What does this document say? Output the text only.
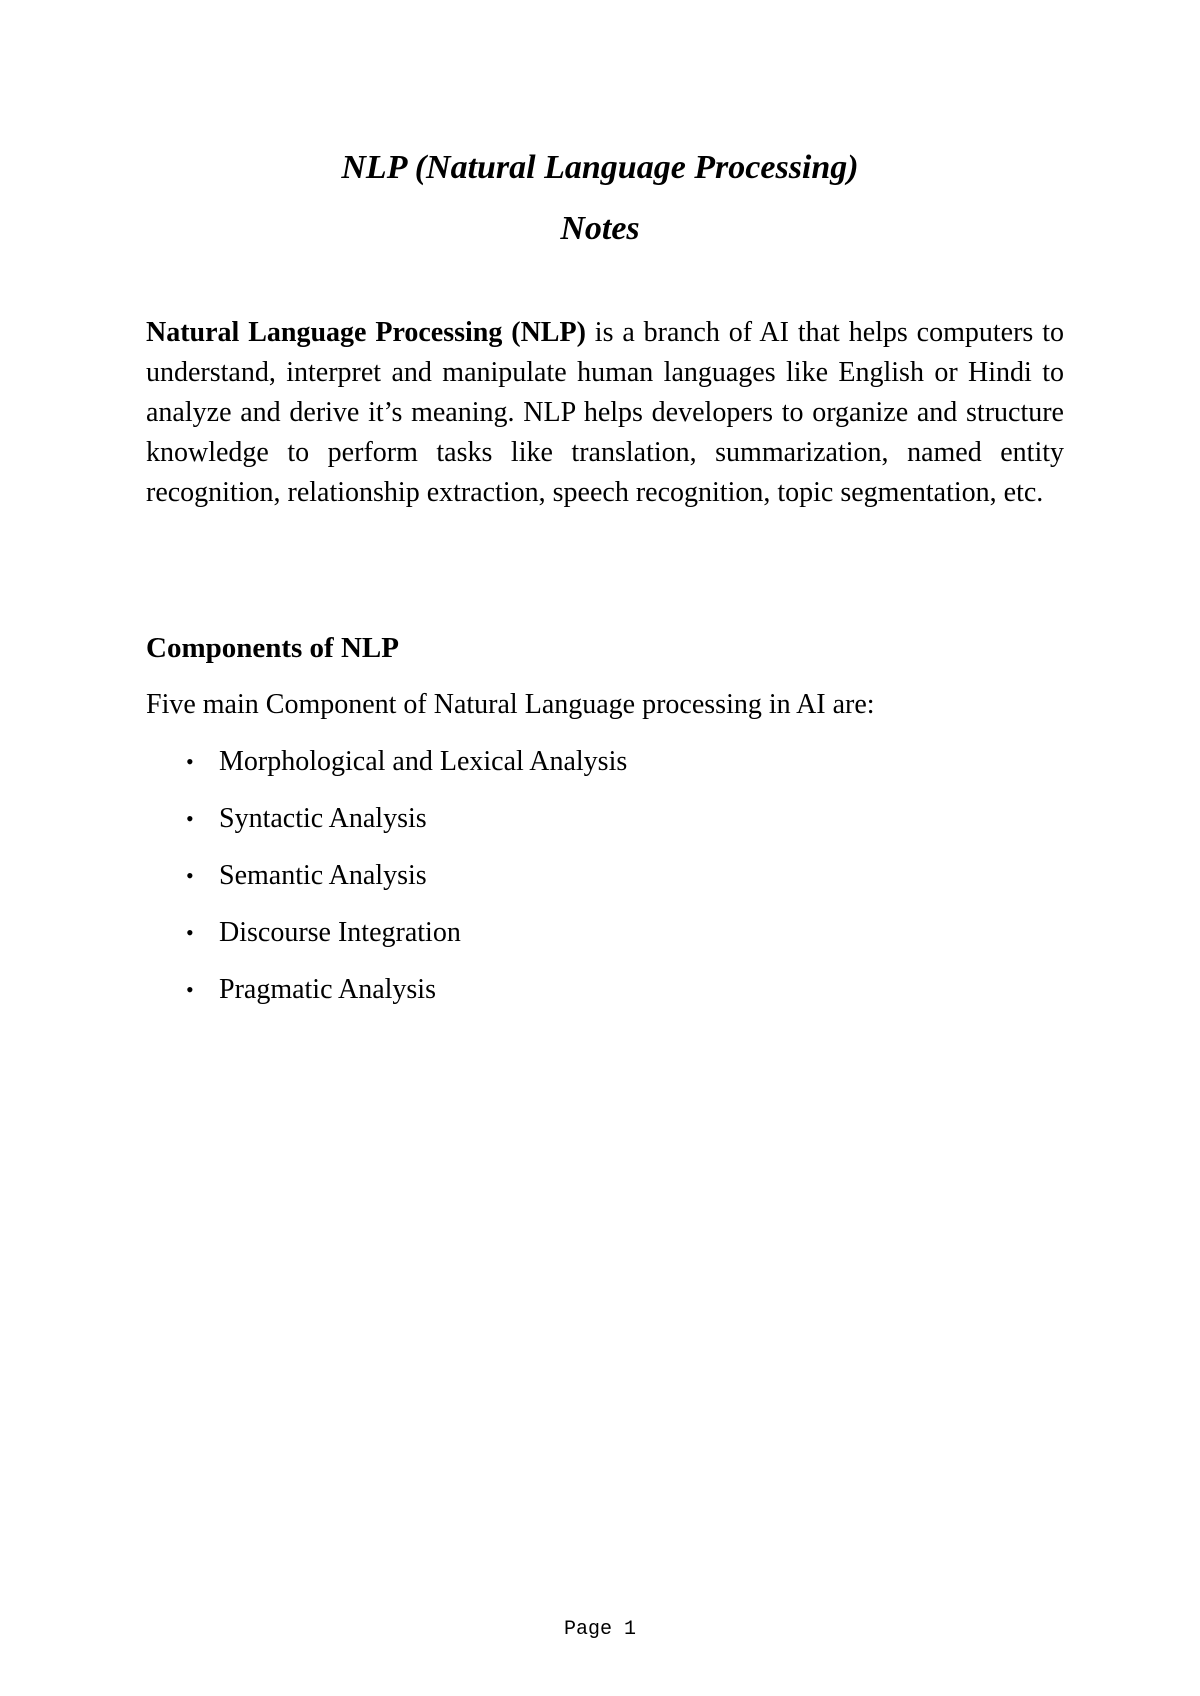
NLP (Natural Language Processing)
Notes

Natural Language Processing (NLP) is a branch of AI that helps computers to understand, interpret and manipulate human languages like English or Hindi to analyze and derive it’s meaning. NLP helps developers to organize and structure knowledge to perform tasks like translation, summarization, named entity recognition, relationship extraction, speech recognition, topic segmentation, etc.

Components of NLP

Five main Component of Natural Language processing in AI are:

• Morphological and Lexical Analysis
• Syntactic Analysis
• Semantic Analysis
• Discourse Integration
• Pragmatic Analysis
Page 1
